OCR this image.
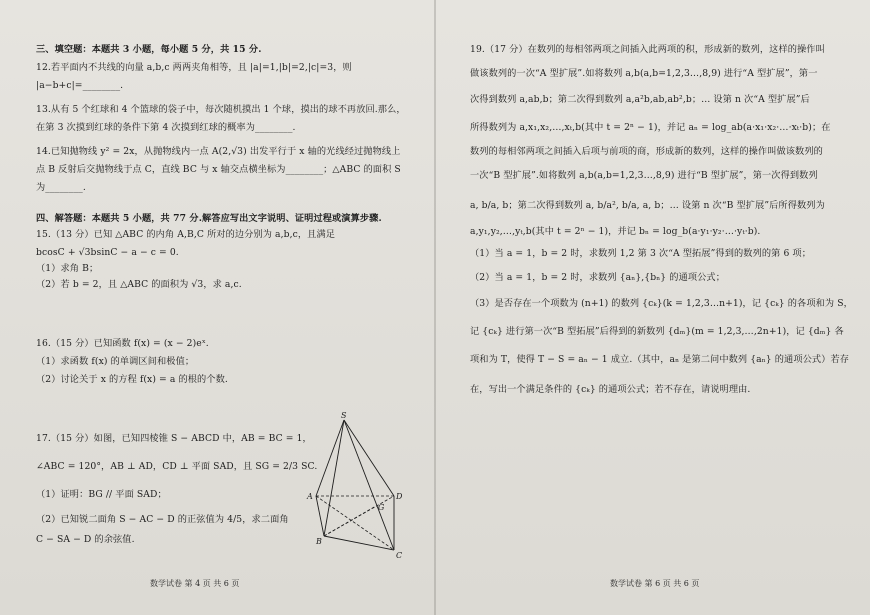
三、填空题：本题共 3 小题，每小题 5 分，共 15 分.
12.若平面内不共线的向量 a,b,c 两两夹角相等，且 |a|=1,|b|=2,|c|=3，则
|a−b+c|=________.
13.从有 5 个红球和 4 个篮球的袋子中，每次随机摸出 1 个球，摸出的球不再放回.那么，
在第 3 次摸到红球的条件下第 4 次摸到红球的概率为________.
14.已知抛物线 y² = 2x，从抛物线内一点 A(2,√3) 出发平行于 x 轴的光线经过抛物线上
点 B 反射后交抛物线于点 C，直线 BC 与 x 轴交点横坐标为________；△ABC 的面积 S
为________.
四、解答题：本题共 5 小题，共 77 分.解答应写出文字说明、证明过程或演算步骤.
15.（13 分）已知 △ABC 的内角 A,B,C 所对的边分别为 a,b,c，且满足
bcosC + √3bsinC − a − c = 0.
（1）求角 B；
（2）若 b = 2，且 △ABC 的面积为 √3，求 a,c.
16.（15 分）已知函数 f(x) = (x − 2)eˣ.
（1）求函数 f(x) 的单调区间和极值；
（2）讨论关于 x 的方程 f(x) = a 的根的个数.
17.（15 分）如图，已知四棱锥 S − ABCD 中，AB = BC = 1，
∠ABC = 120°，AB ⊥ AD，CD ⊥ 平面 SAD，且 SG = 2/3 SC.
（1）证明：BG // 平面 SAD；
（2）已知锐二面角 S − AC − D 的正弦值为 4/5，求二面角
C − SA − D 的余弦值.
S
A	D
G
B
C
数学试卷 第 4 页 共 6 页
19.（17 分）在数列的每相邻两项之间插入此两项的积，形成新的数列，这样的操作叫
做该数列的一次“A 型扩展”.如将数列 a,b(a,b=1,2,3…,8,9) 进行“A 型扩展”，第一
次得到数列 a,ab,b；第二次得到数列 a,a²b,ab,ab²,b；… 设第 n 次“A 型扩展”后
所得数列为 a,x₁,x₂,…,xₜ,b(其中 t = 2ⁿ − 1)，并记 aₙ = log_ab(a·x₁·x₂·…·xₜ·b)；在
数列的每相邻两项之间插入后项与前项的商，形成新的数列，这样的操作叫做该数列的
一次“B 型扩展”.如将数列 a,b(a,b=1,2,3…,8,9) 进行“B 型扩展”，第一次得到数列
a, b/a, b；第二次得到数列 a, b/a², b/a, a, b；… 设第 n 次“B 型扩展”后所得数列为
a,y₁,y₂,…,yₜ,b(其中 t = 2ⁿ − 1)，并记 bₙ = log_b(a·y₁·y₂·…·yₜ·b).
（1）当 a = 1，b = 2 时，求数列 1,2 第 3 次“A 型拓展”得到的数列的第 6 项；
（2）当 a = 1，b = 2 时，求数列 {aₙ},{bₙ} 的通项公式；
（3）是否存在一个项数为 (n+1) 的数列 {cₖ}(k = 1,2,3…n+1)，记 {cₖ} 的各项和为 S，
记 {cₖ} 进行第一次“B 型拓展”后得到的新数列 {dₘ}(m = 1,2,3,…,2n+1)，记 {dₘ} 各
项和为 T，使得 T − S = aₙ − 1 成立.（其中，aₙ 是第二问中数列 {aₙ} 的通项公式）若存
在，写出一个满足条件的 {cₖ} 的通项公式；若不存在，请说明理由.
数学试卷 第 6 页 共 6 页
